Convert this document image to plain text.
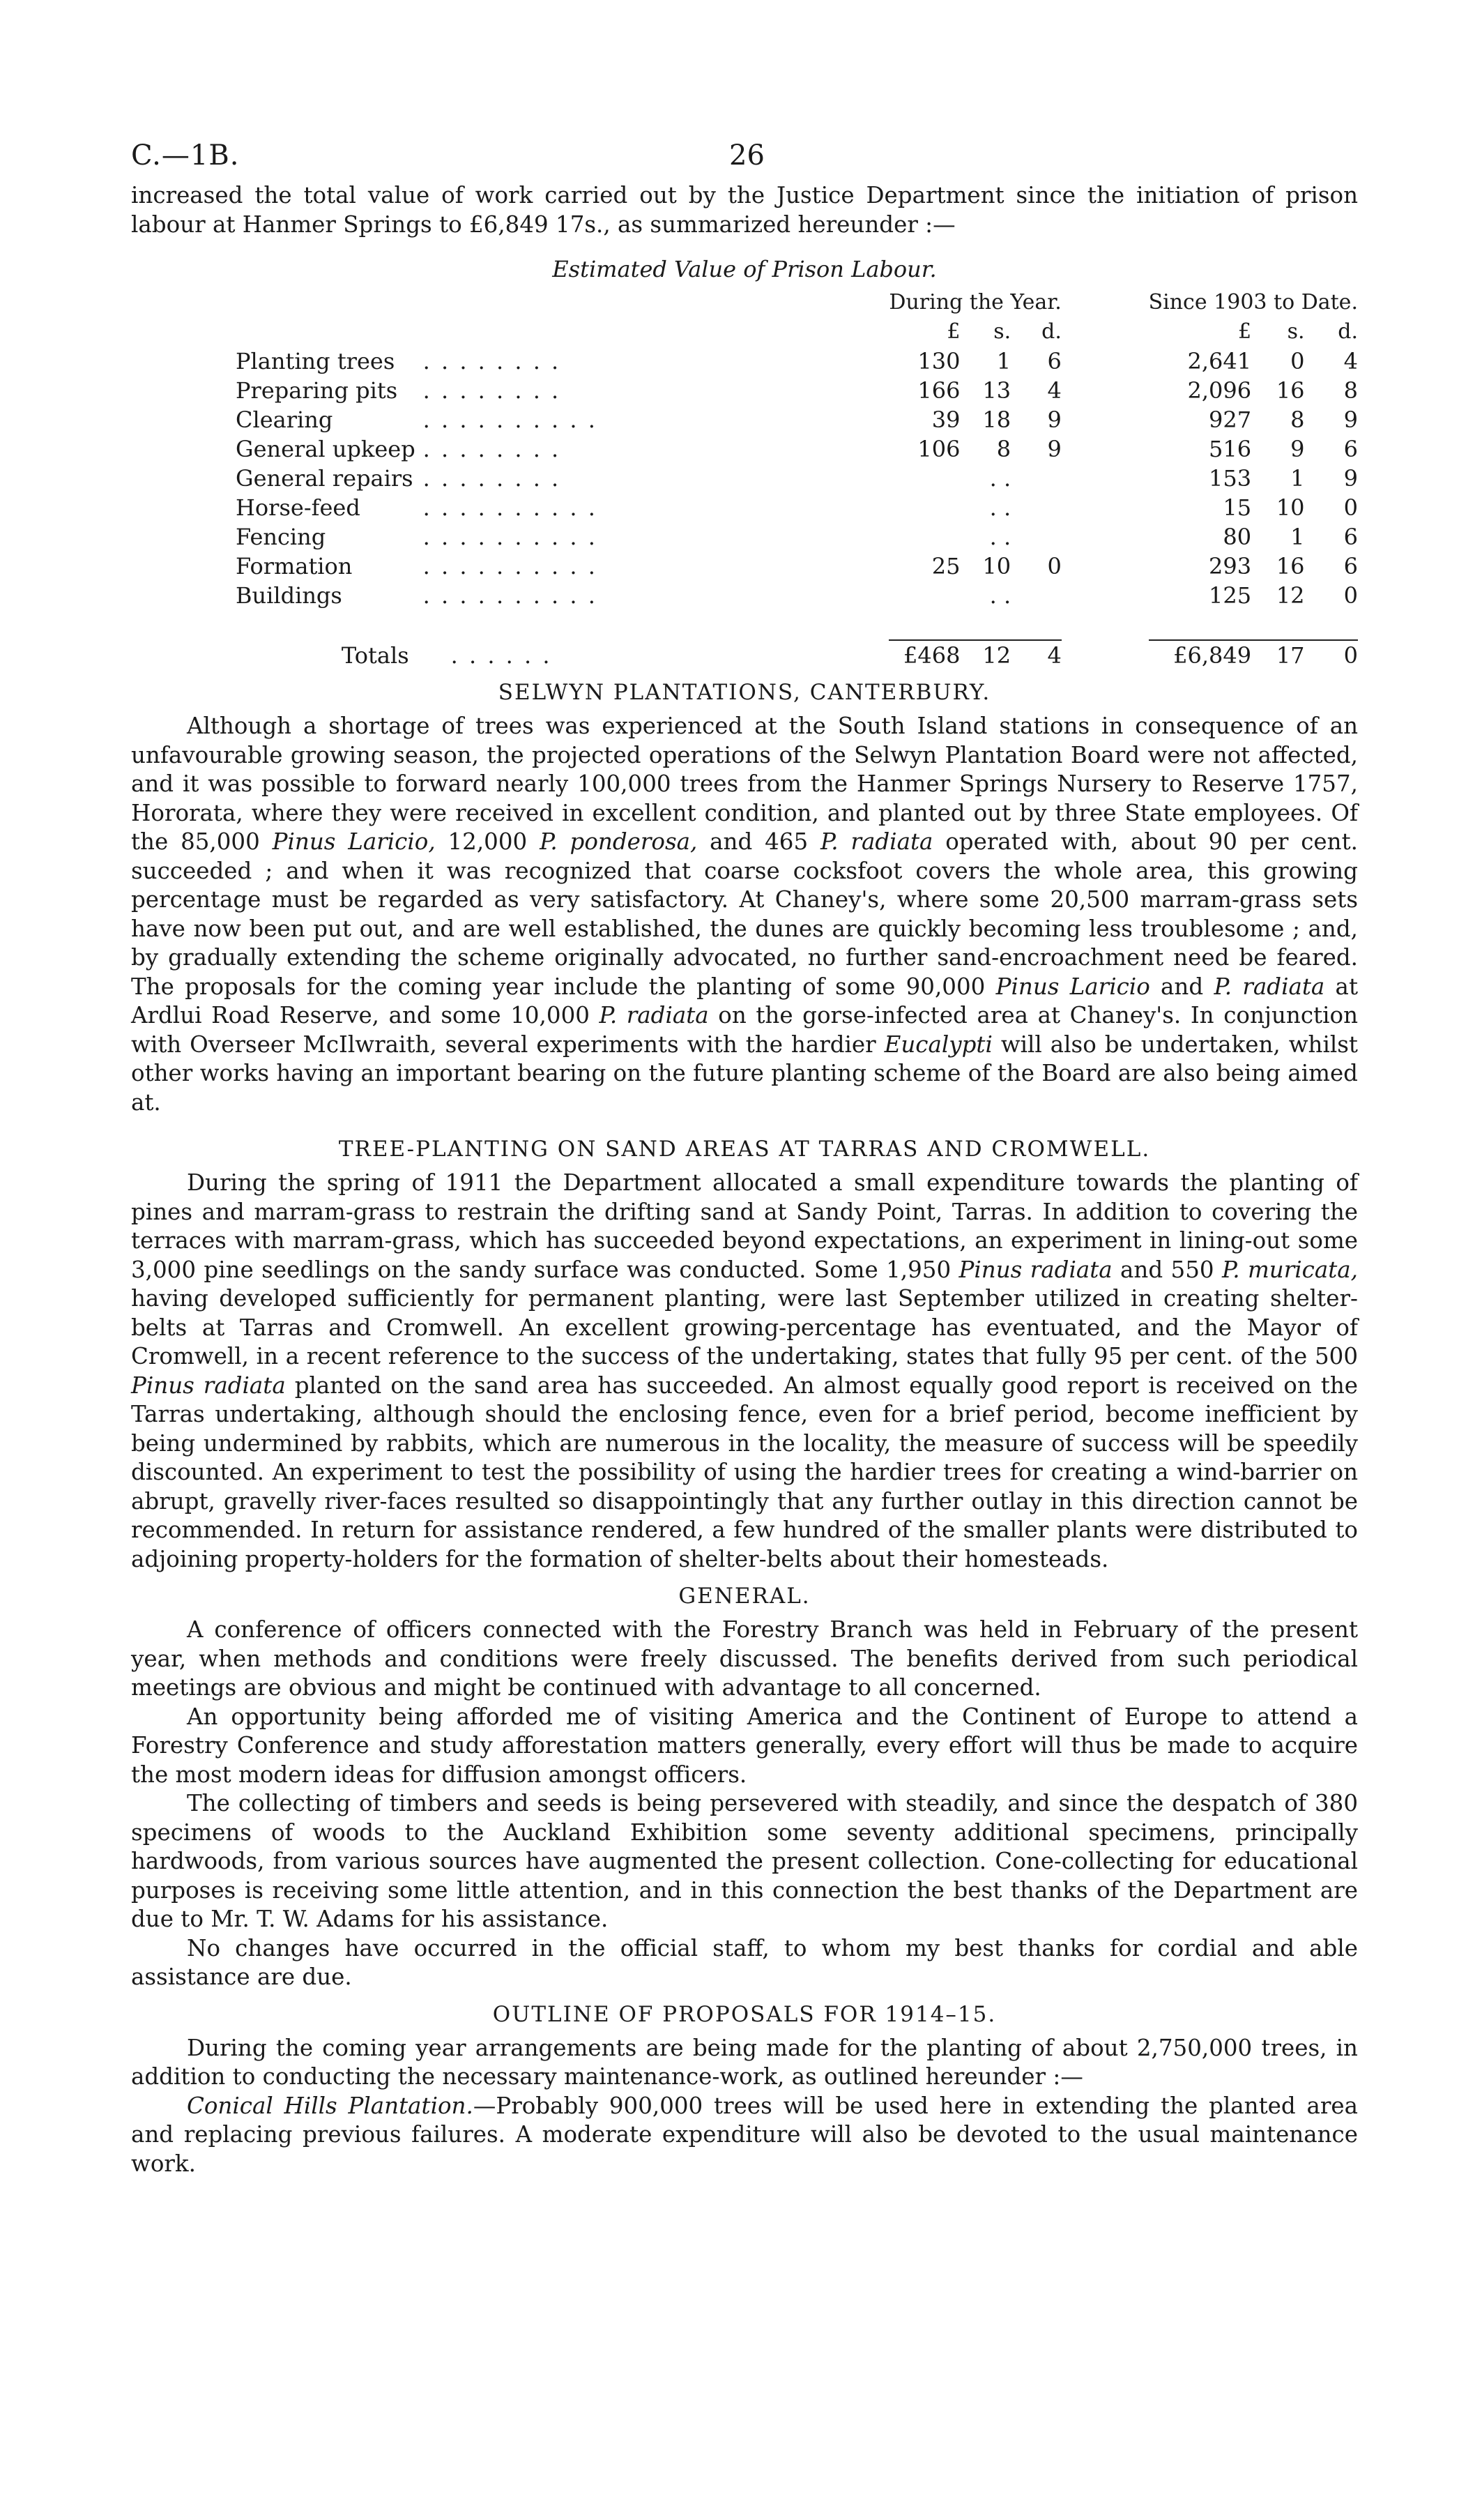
C.—1B.	26

increased the total value of work carried out by the Justice Department since the initiation of prison labour at Hanmer Springs to £6,849 17s., as summarized hereunder :—

Estimated Value of Prison Labour.
		During the Year.				Since 1903 to Date.		
		£	s.	d.		£	s.	d.
Planting trees	. . . . . . . .	130	1	6		2,641	0	4
Preparing pits	. . . . . . . .	166	13	4		2,096	16	8
Clearing	. . . . . . . . . .	39	18	9		927	8	9
General upkeep	. . . . . . . .	106	8	9		516	9	6
General repairs	. . . . . . . .		. .			153	1	9
Horse-feed	. . . . . . . . . .		. .			15	10	0
Fencing	. . . . . . . . . .		. .			80	1	6
Formation	. . . . . . . . . .	25	10	0		293	16	6
Buildings	. . . . . . . . . .		. .			125	12	0

Totals	. . . . . .	£468	12	4		£6,849	17	0
SELWYN PLANTATIONS, CANTERBURY.

Although a shortage of trees was experienced at the South Island stations in consequence of an unfavourable growing season, the projected operations of the Selwyn Plantation Board were not affected, and it was possible to forward nearly 100,000 trees from the Hanmer Springs Nursery to Reserve 1757, Hororata, where they were received in excellent condition, and planted out by three State employees. Of the 85,000 Pinus Laricio, 12,000 P. ponderosa, and 465 P. radiata operated with, about 90 per cent. succeeded ; and when it was recognized that coarse cocksfoot covers the whole area, this growing percentage must be regarded as very satisfactory. At Chaney's, where some 20,500 marram-grass sets have now been put out, and are well established, the dunes are quickly becoming less troublesome ; and, by gradually extending the scheme originally advocated, no further sand-encroachment need be feared. The proposals for the coming year include the planting of some 90,000 Pinus Laricio and P. radiata at Ardlui Road Reserve, and some 10,000 P. radiata on the gorse-infected area at Chaney's. In conjunction with Overseer McIlwraith, several experiments with the hardier Eucalypti will also be undertaken, whilst other works having an important bearing on the future planting scheme of the Board are also being aimed at.

TREE-PLANTING ON SAND AREAS AT TARRAS AND CROMWELL.

During the spring of 1911 the Department allocated a small expenditure towards the planting of pines and marram-grass to restrain the drifting sand at Sandy Point, Tarras. In addition to covering the terraces with marram-grass, which has succeeded beyond expectations, an experiment in lining-out some 3,000 pine seedlings on the sandy surface was conducted. Some 1,950 Pinus radiata and 550 P. muricata, having developed sufficiently for permanent planting, were last September utilized in creating shelter-belts at Tarras and Cromwell. An excellent growing-percentage has eventuated, and the Mayor of Cromwell, in a recent reference to the success of the undertaking, states that fully 95 per cent. of the 500 Pinus radiata planted on the sand area has succeeded. An almost equally good report is received on the Tarras undertaking, although should the enclosing fence, even for a brief period, become inefficient by being undermined by rabbits, which are numerous in the locality, the measure of success will be speedily discounted. An experiment to test the possibility of using the hardier trees for creating a wind-barrier on abrupt, gravelly river-faces resulted so disappointingly that any further outlay in this direction cannot be recommended. In return for assistance rendered, a few hundred of the smaller plants were distributed to adjoining property-holders for the formation of shelter-belts about their homesteads.

GENERAL.

A conference of officers connected with the Forestry Branch was held in February of the present year, when methods and conditions were freely discussed. The benefits derived from such periodical meetings are obvious and might be continued with advantage to all concerned.

An opportunity being afforded me of visiting America and the Continent of Europe to attend a Forestry Conference and study afforestation matters generally, every effort will thus be made to acquire the most modern ideas for diffusion amongst officers.

The collecting of timbers and seeds is being persevered with steadily, and since the despatch of 380 specimens of woods to the Auckland Exhibition some seventy additional specimens, principally hardwoods, from various sources have augmented the present collection. Cone-collecting for educational purposes is receiving some little attention, and in this connection the best thanks of the Department are due to Mr. T. W. Adams for his assistance.

No changes have occurred in the official staff, to whom my best thanks for cordial and able assistance are due.

OUTLINE OF PROPOSALS FOR 1914–15.

During the coming year arrangements are being made for the planting of about 2,750,000 trees, in addition to conducting the necessary maintenance-work, as outlined hereunder :—

Conical Hills Plantation.—Probably 900,000 trees will be used here in extending the planted area and replacing previous failures. A moderate expenditure will also be devoted to the usual maintenance work.
